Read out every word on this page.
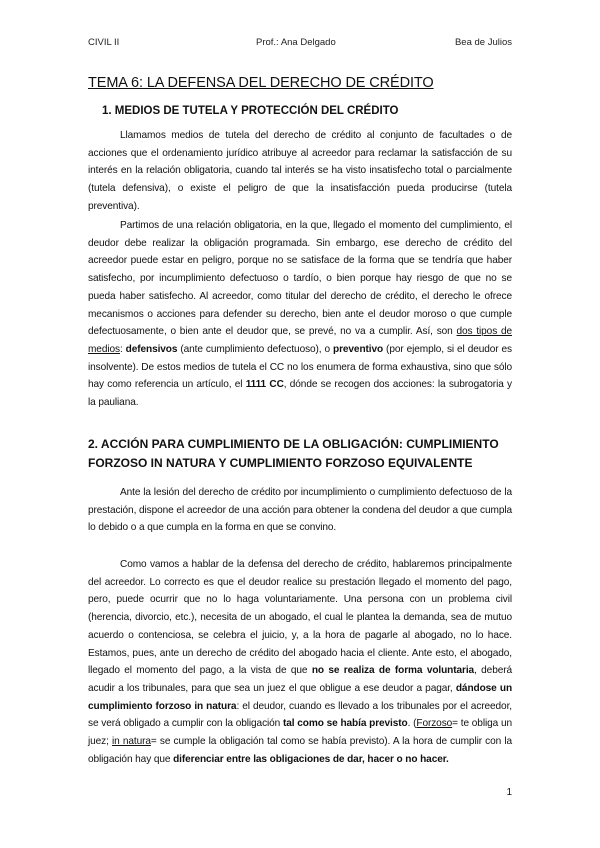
CIVIL II	Prof.: Ana Delgado	Bea de Julios
TEMA 6: LA DEFENSA DEL DERECHO DE CRÉDITO
1. MEDIOS DE TUTELA Y PROTECCIÓN DEL CRÉDITO

Llamamos medios de tutela del derecho de crédito al conjunto de facultades o de acciones que el ordenamiento jurídico atribuye al acreedor para reclamar la satisfacción de su interés en la relación obligatoria, cuando tal interés se ha visto insatisfecho total o parcialmente (tutela defensiva), o existe el peligro de que la insatisfacción pueda producirse (tutela preventiva).

Partimos de una relación obligatoria, en la que, llegado el momento del cumplimiento, el deudor debe realizar la obligación programada. Sin embargo, ese derecho de crédito del acreedor puede estar en peligro, porque no se satisface de la forma que se tendría que haber satisfecho, por incumplimiento defectuoso o tardío, o bien porque hay riesgo de que no se pueda haber satisfecho. Al acreedor, como titular del derecho de crédito, el derecho le ofrece mecanismos o acciones para defender su derecho, bien ante el deudor moroso o que cumple defectuosamente, o bien ante el deudor que, se prevé, no va a cumplir. Así, son dos tipos de medios: defensivos (ante cumplimiento defectuoso), o preventivo (por ejemplo, si el deudor es insolvente). De estos medios de tutela el CC no los enumera de forma exhaustiva, sino que sólo hay como referencia un artículo, el 1111 CC, dónde se recogen dos acciones: la subrogatoria y la pauliana.

2. ACCIÓN PARA CUMPLIMIENTO DE LA OBLIGACIÓN: CUMPLIMIENTO FORZOSO IN NATURA Y CUMPLIMIENTO FORZOSO EQUIVALENTE

Ante la lesión del derecho de crédito por incumplimiento o cumplimiento defectuoso de la prestación, dispone el acreedor de una acción para obtener la condena del deudor a que cumpla lo debido o a que cumpla en la forma en que se convino.

Como vamos a hablar de la defensa del derecho de crédito, hablaremos principalmente del acreedor. Lo correcto es que el deudor realice su prestación llegado el momento del pago, pero, puede ocurrir que no lo haga voluntariamente. Una persona con un problema civil (herencia, divorcio, etc.), necesita de un abogado, el cual le plantea la demanda, sea de mutuo acuerdo o contenciosa, se celebra el juicio, y, a la hora de pagarle al abogado, no lo hace. Estamos, pues, ante un derecho de crédito del abogado hacia el cliente. Ante esto, el abogado, llegado el momento del pago, a la vista de que no se realiza de forma voluntaria, deberá acudir a los tribunales, para que sea un juez el que obligue a ese deudor a pagar, dándose un cumplimiento forzoso in natura: el deudor, cuando es llevado a los tribunales por el acreedor, se verá obligado a cumplir con la obligación tal como se había previsto. (Forzoso= te obliga un juez; in natura= se cumple la obligación tal como se había previsto). A la hora de cumplir con la obligación hay que diferenciar entre las obligaciones de dar, hacer o no hacer.

1
